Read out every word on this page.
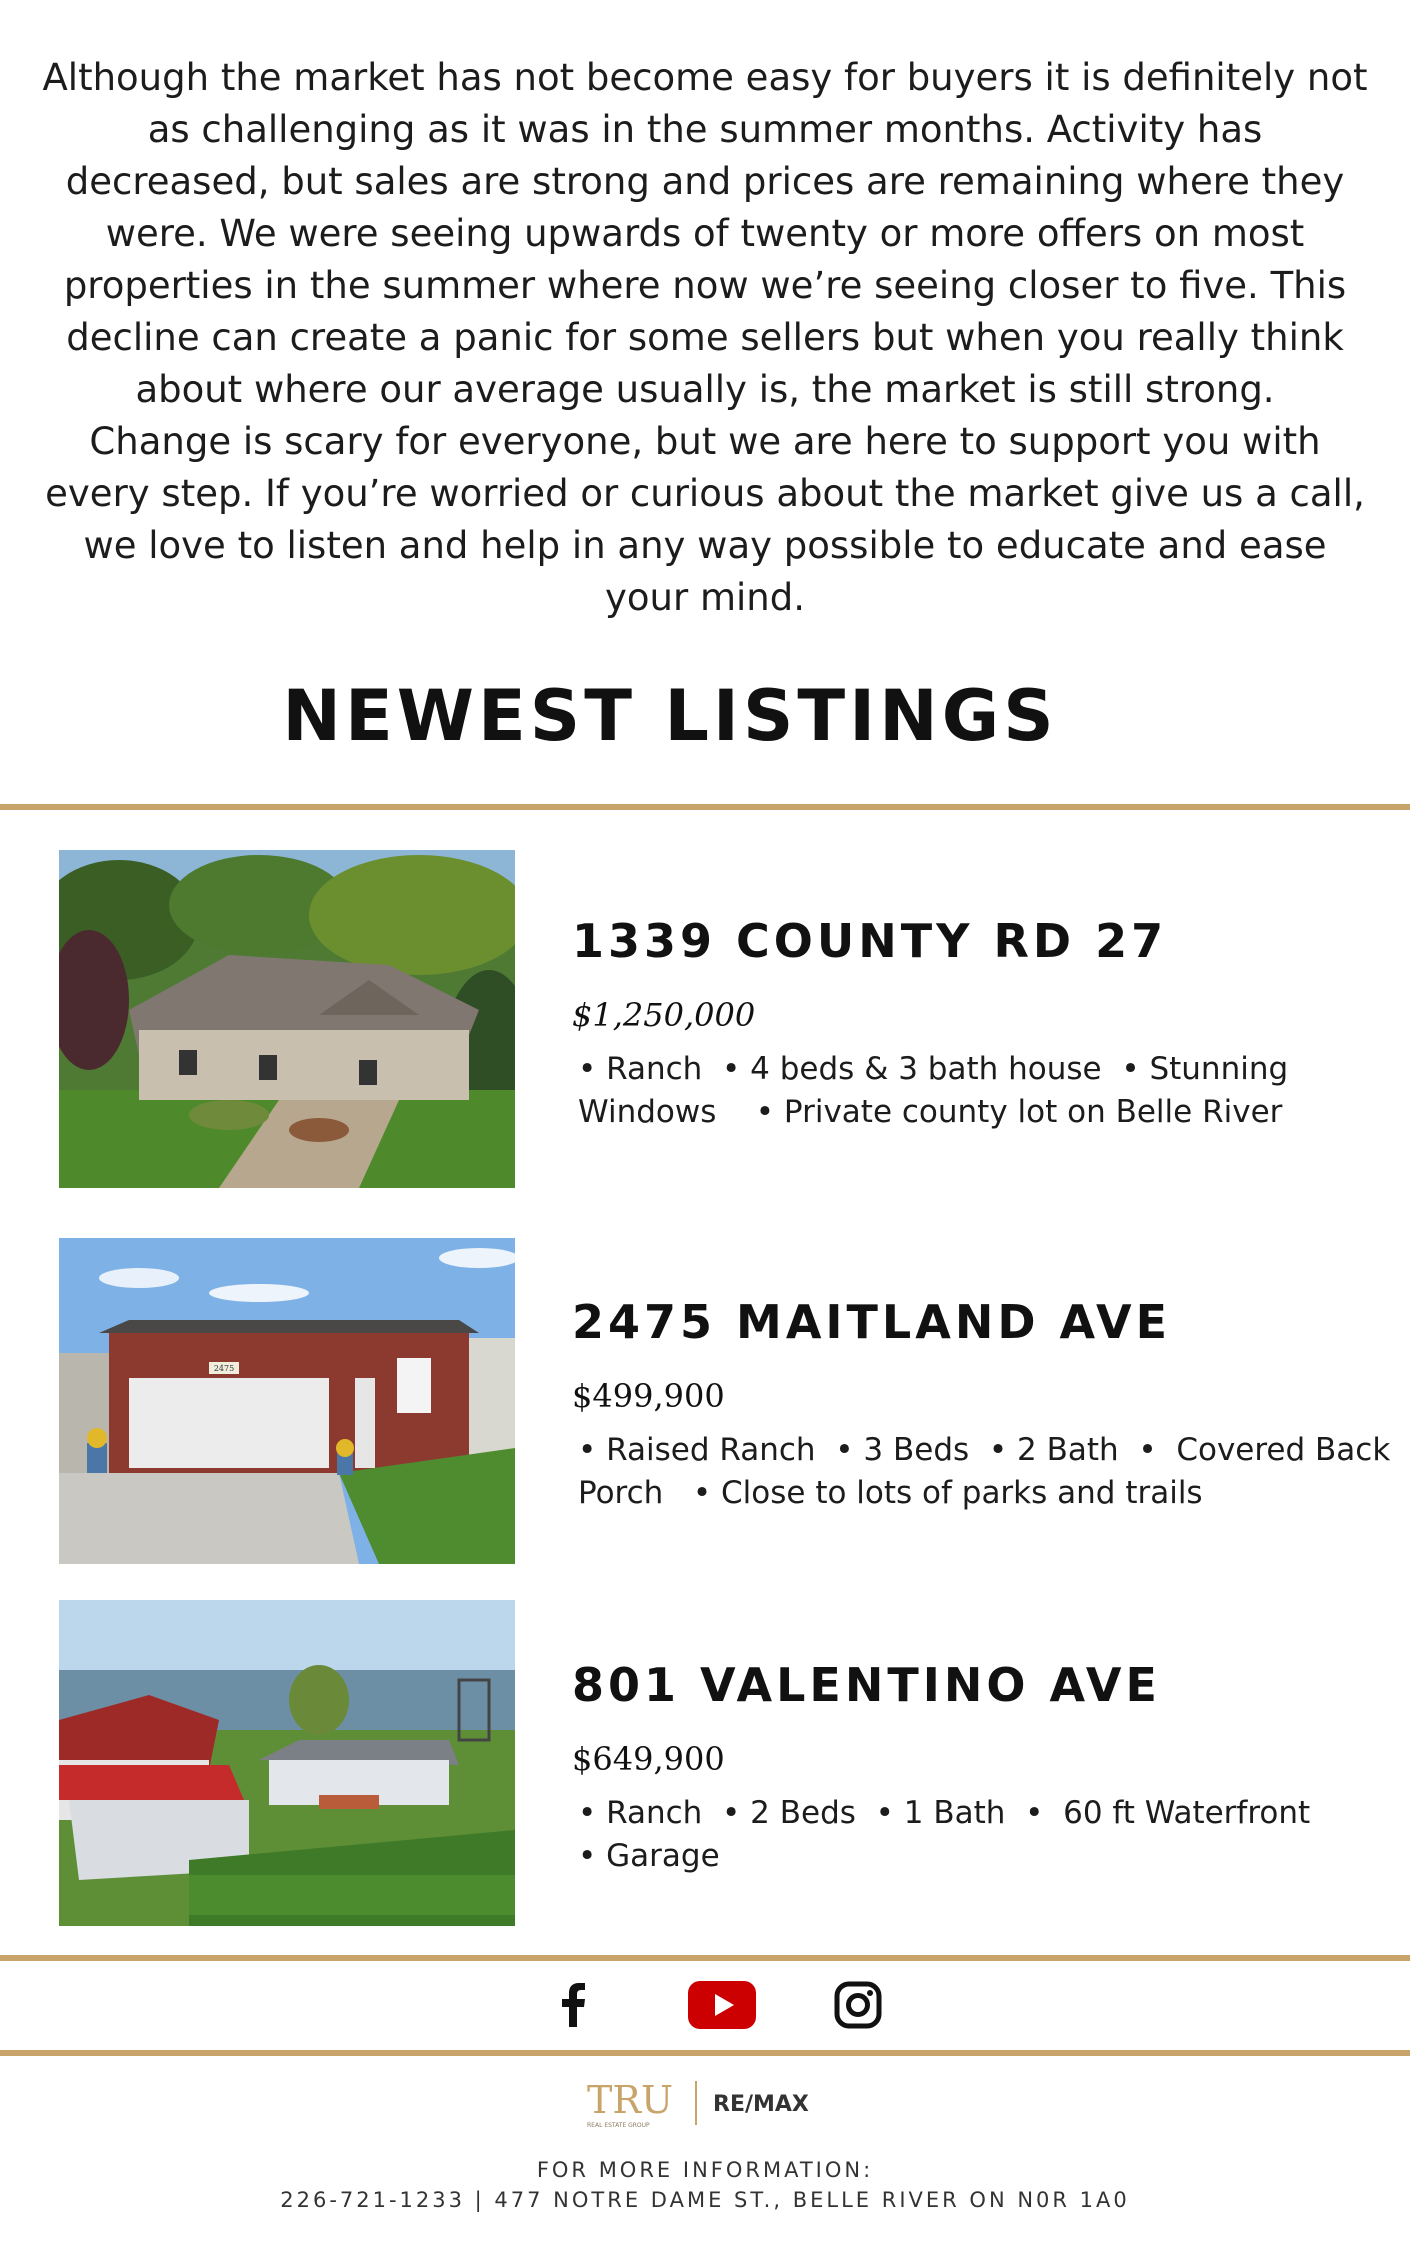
Although the market has not become easy for buyers it is definitely not as challenging as it was in the summer months. Activity has decreased, but sales are strong and prices are remaining where they were. We were seeing upwards of twenty or more offers on most properties in the summer where now we’re seeing closer to five. This decline can create a panic for some sellers but when you really think about where our average usually is, the market is still strong.

Change is scary for everyone, but we are here to support you with every step. If you’re worried or curious about the market give us a call, we love to listen and help in any way possible to educate and ease your mind.

NEWEST LISTINGS
1339 COUNTY RD 27
$1,250,000
• Ranch  • 4 beds & 3 bath house  • Stunning
Windows    • Private county lot on Belle River
2475
2475 MAITLAND AVE
$499,900
• Raised Ranch  • 3 Beds  • 2 Bath  •  Covered Back
Porch   • Close to lots of parks and trails
801 VALENTINO AVE
$649,900
• Ranch  • 2 Beds  • 1 Bath  •  60 ft Waterfront
• Garage
TRU
REAL ESTATE GROUP
RE/MAX
FOR MORE INFORMATION:
226-721-1233 | 477 NOTRE DAME ST., BELLE RIVER ON N0R 1A0
